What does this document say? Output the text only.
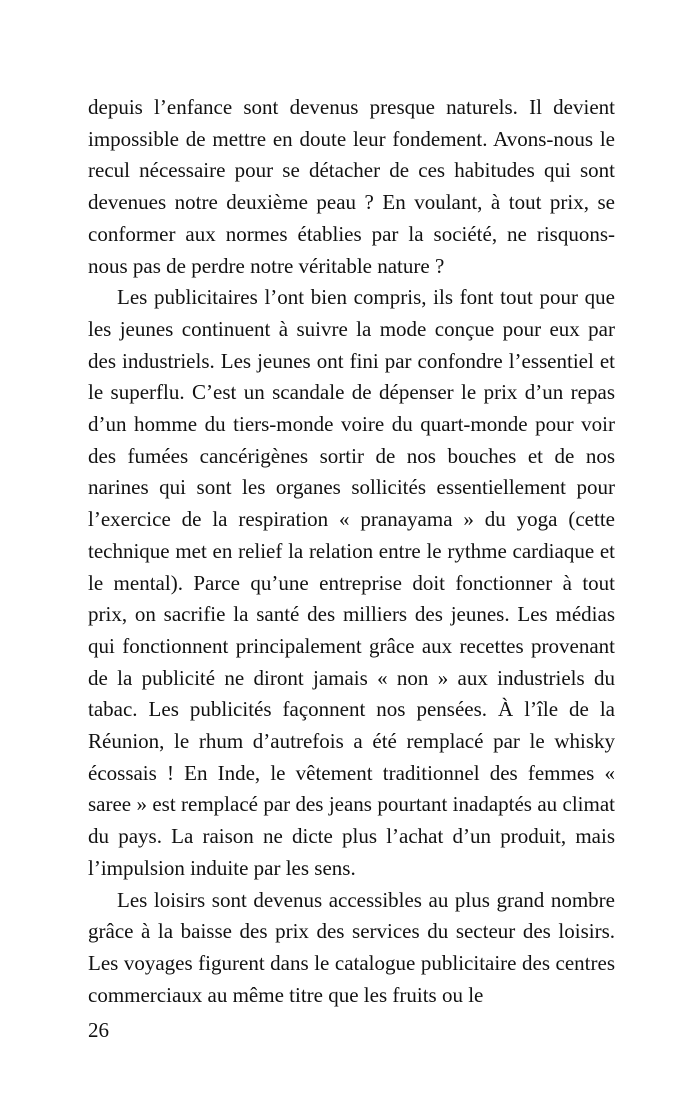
depuis l’enfance sont devenus presque naturels. Il devient impossible de mettre en doute leur fondement. Avons-nous le recul nécessaire pour se détacher de ces habitudes qui sont devenues notre deuxième peau ? En voulant, à tout prix, se conformer aux normes établies par la société, ne risquons-nous pas de perdre notre véritable nature ?

Les publicitaires l’ont bien compris, ils font tout pour que les jeunes continuent à suivre la mode conçue pour eux par des industriels. Les jeunes ont fini par confondre l’essentiel et le superflu. C’est un scandale de dépenser le prix d’un repas d’un homme du tiers-monde voire du quart-monde pour voir des fumées cancérigènes sortir de nos bouches et de nos narines qui sont les organes sollicités essentiellement pour l’exercice de la respiration « pranayama » du yoga (cette technique met en relief la relation entre le rythme cardiaque et le mental). Parce qu’une entreprise doit fonctionner à tout prix, on sacrifie la santé des milliers des jeunes. Les médias qui fonctionnent principalement grâce aux recettes provenant de la publicité ne diront jamais « non » aux industriels du tabac. Les publicités façonnent nos pensées. À l’île de la Réunion, le rhum d’autrefois a été remplacé par le whisky écossais ! En Inde, le vêtement traditionnel des femmes « saree » est remplacé par des jeans pourtant inadaptés au climat du pays. La raison ne dicte plus l’achat d’un produit, mais l’impulsion induite par les sens.

Les loisirs sont devenus accessibles au plus grand nombre grâce à la baisse des prix des services du secteur des loisirs. Les voyages figurent dans le catalogue publicitaire des centres commerciaux au même titre que les fruits ou le

26
